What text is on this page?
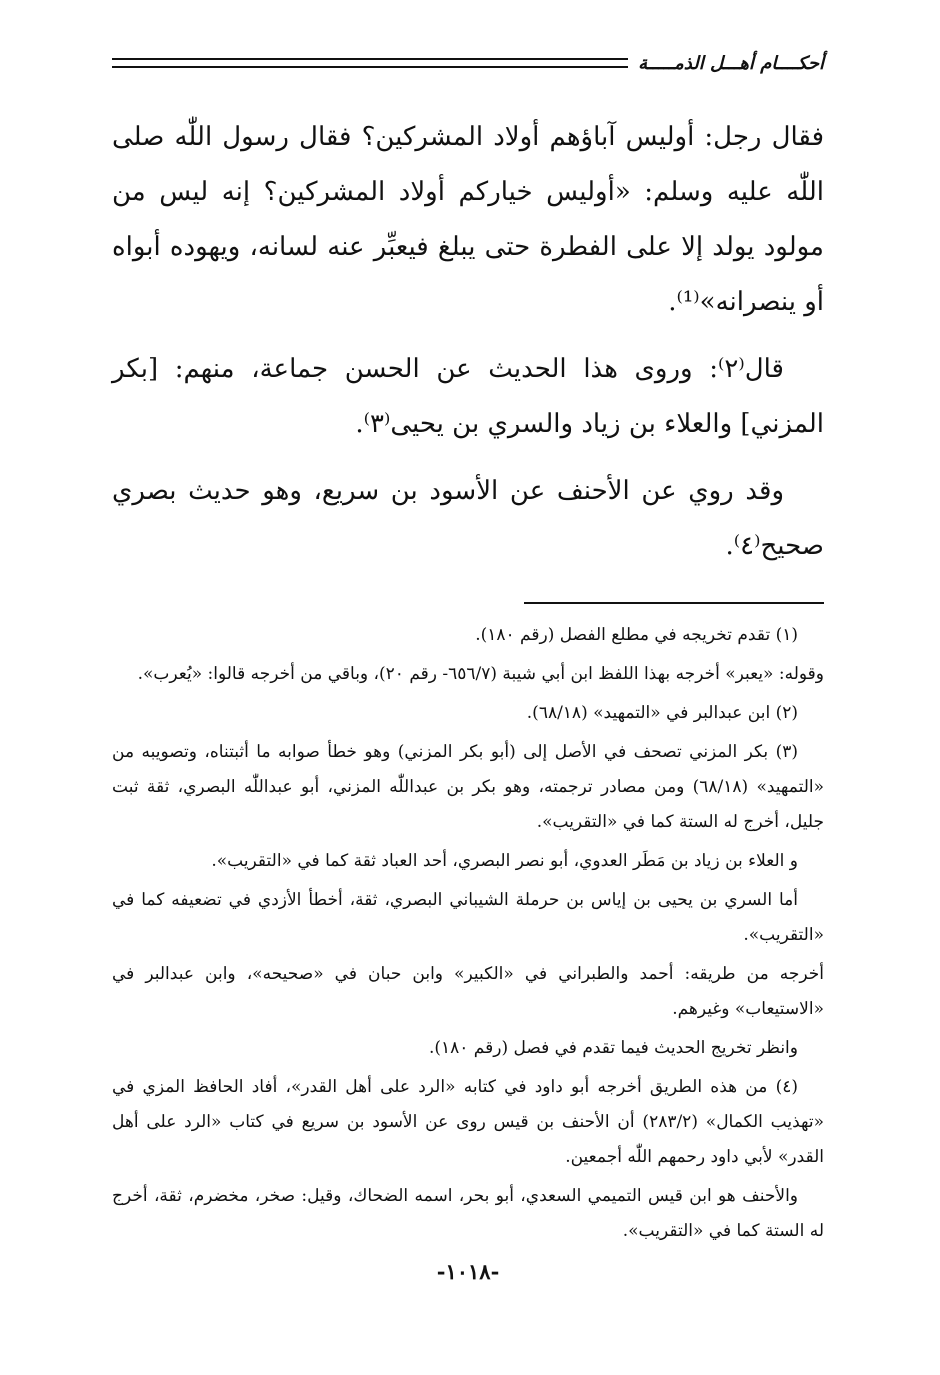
أحكــــام أهـــل الذمـــــة

فقال رجل: أوليس آباؤهم أولاد المشركين؟ فقال رسول اللّٰه صلى اللّٰه عليه وسلم: «أوليس خياركم أولاد المشركين؟ إنه ليس من مولود يولد إلا على الفطرة حتى يبلغ فيعبِّر عنه لسانه، ويهوده أبواه أو ينصرانه»⁽¹⁾.

قال⁽٢⁾: وروى هذا الحديث عن الحسن جماعة، منهم: [بكر المزني] والعلاء بن زياد والسري بن يحيى⁽٣⁾.

وقد روي عن الأحنف عن الأسود بن سريع، وهو حديث بصري صحيح⁽٤⁾.

(١) تقدم تخريجه في مطلع الفصل (رقم ١٨٠).

وقوله: «يعبر» أخرجه بهذا اللفظ ابن أبي شيبة (٦٥٦/٧- رقم ٢٠)، وباقي من أخرجه قالوا: «يُعرب».

(٢) ابن عبدالبر في «التمهيد» (٦٨/١٨).

(٣) بكر المزني تصحف في الأصل إلى (أبو بكر المزني) وهو خطأ صوابه ما أثبتناه، وتصويبه من «التمهيد» (٦٨/١٨) ومن مصادر ترجمته، وهو بكر بن عبداللّٰه المزني، أبو عبداللّٰه البصري، ثقة ثبت جليل، أخرج له الستة كما في «التقريب».

و العلاء بن زياد بن مَطَر العدوي، أبو نصر البصري، أحد العباد ثقة كما في «التقريب».

أما السري بن يحيى بن إياس بن حرملة الشيباني البصري، ثقة، أخطأ الأزدي في تضعيفه كما في «التقريب».

أخرجه من طريقه: أحمد والطبراني في «الكبير» وابن حبان في «صحيحه»، وابن عبدالبر في «الاستيعاب» وغيرهم.

وانظر تخريج الحديث فيما تقدم في فصل (رقم ١٨٠).

(٤) من هذه الطريق أخرجه أبو داود في كتابه «الرد على أهل القدر»، أفاد الحافظ المزي في «تهذيب الكمال» (٢٨٣/٢) أن الأحنف بن قيس روى عن الأسود بن سريع في كتاب «الرد على أهل القدر» لأبي داود رحمهم اللّٰه أجمعين.

والأحنف هو ابن قيس التميمي السعدي، أبو بحر، اسمه الضحاك، وقيل: صخر، مخضرم، ثقة، أخرج له الستة كما في «التقريب».

-١٠١٨-
